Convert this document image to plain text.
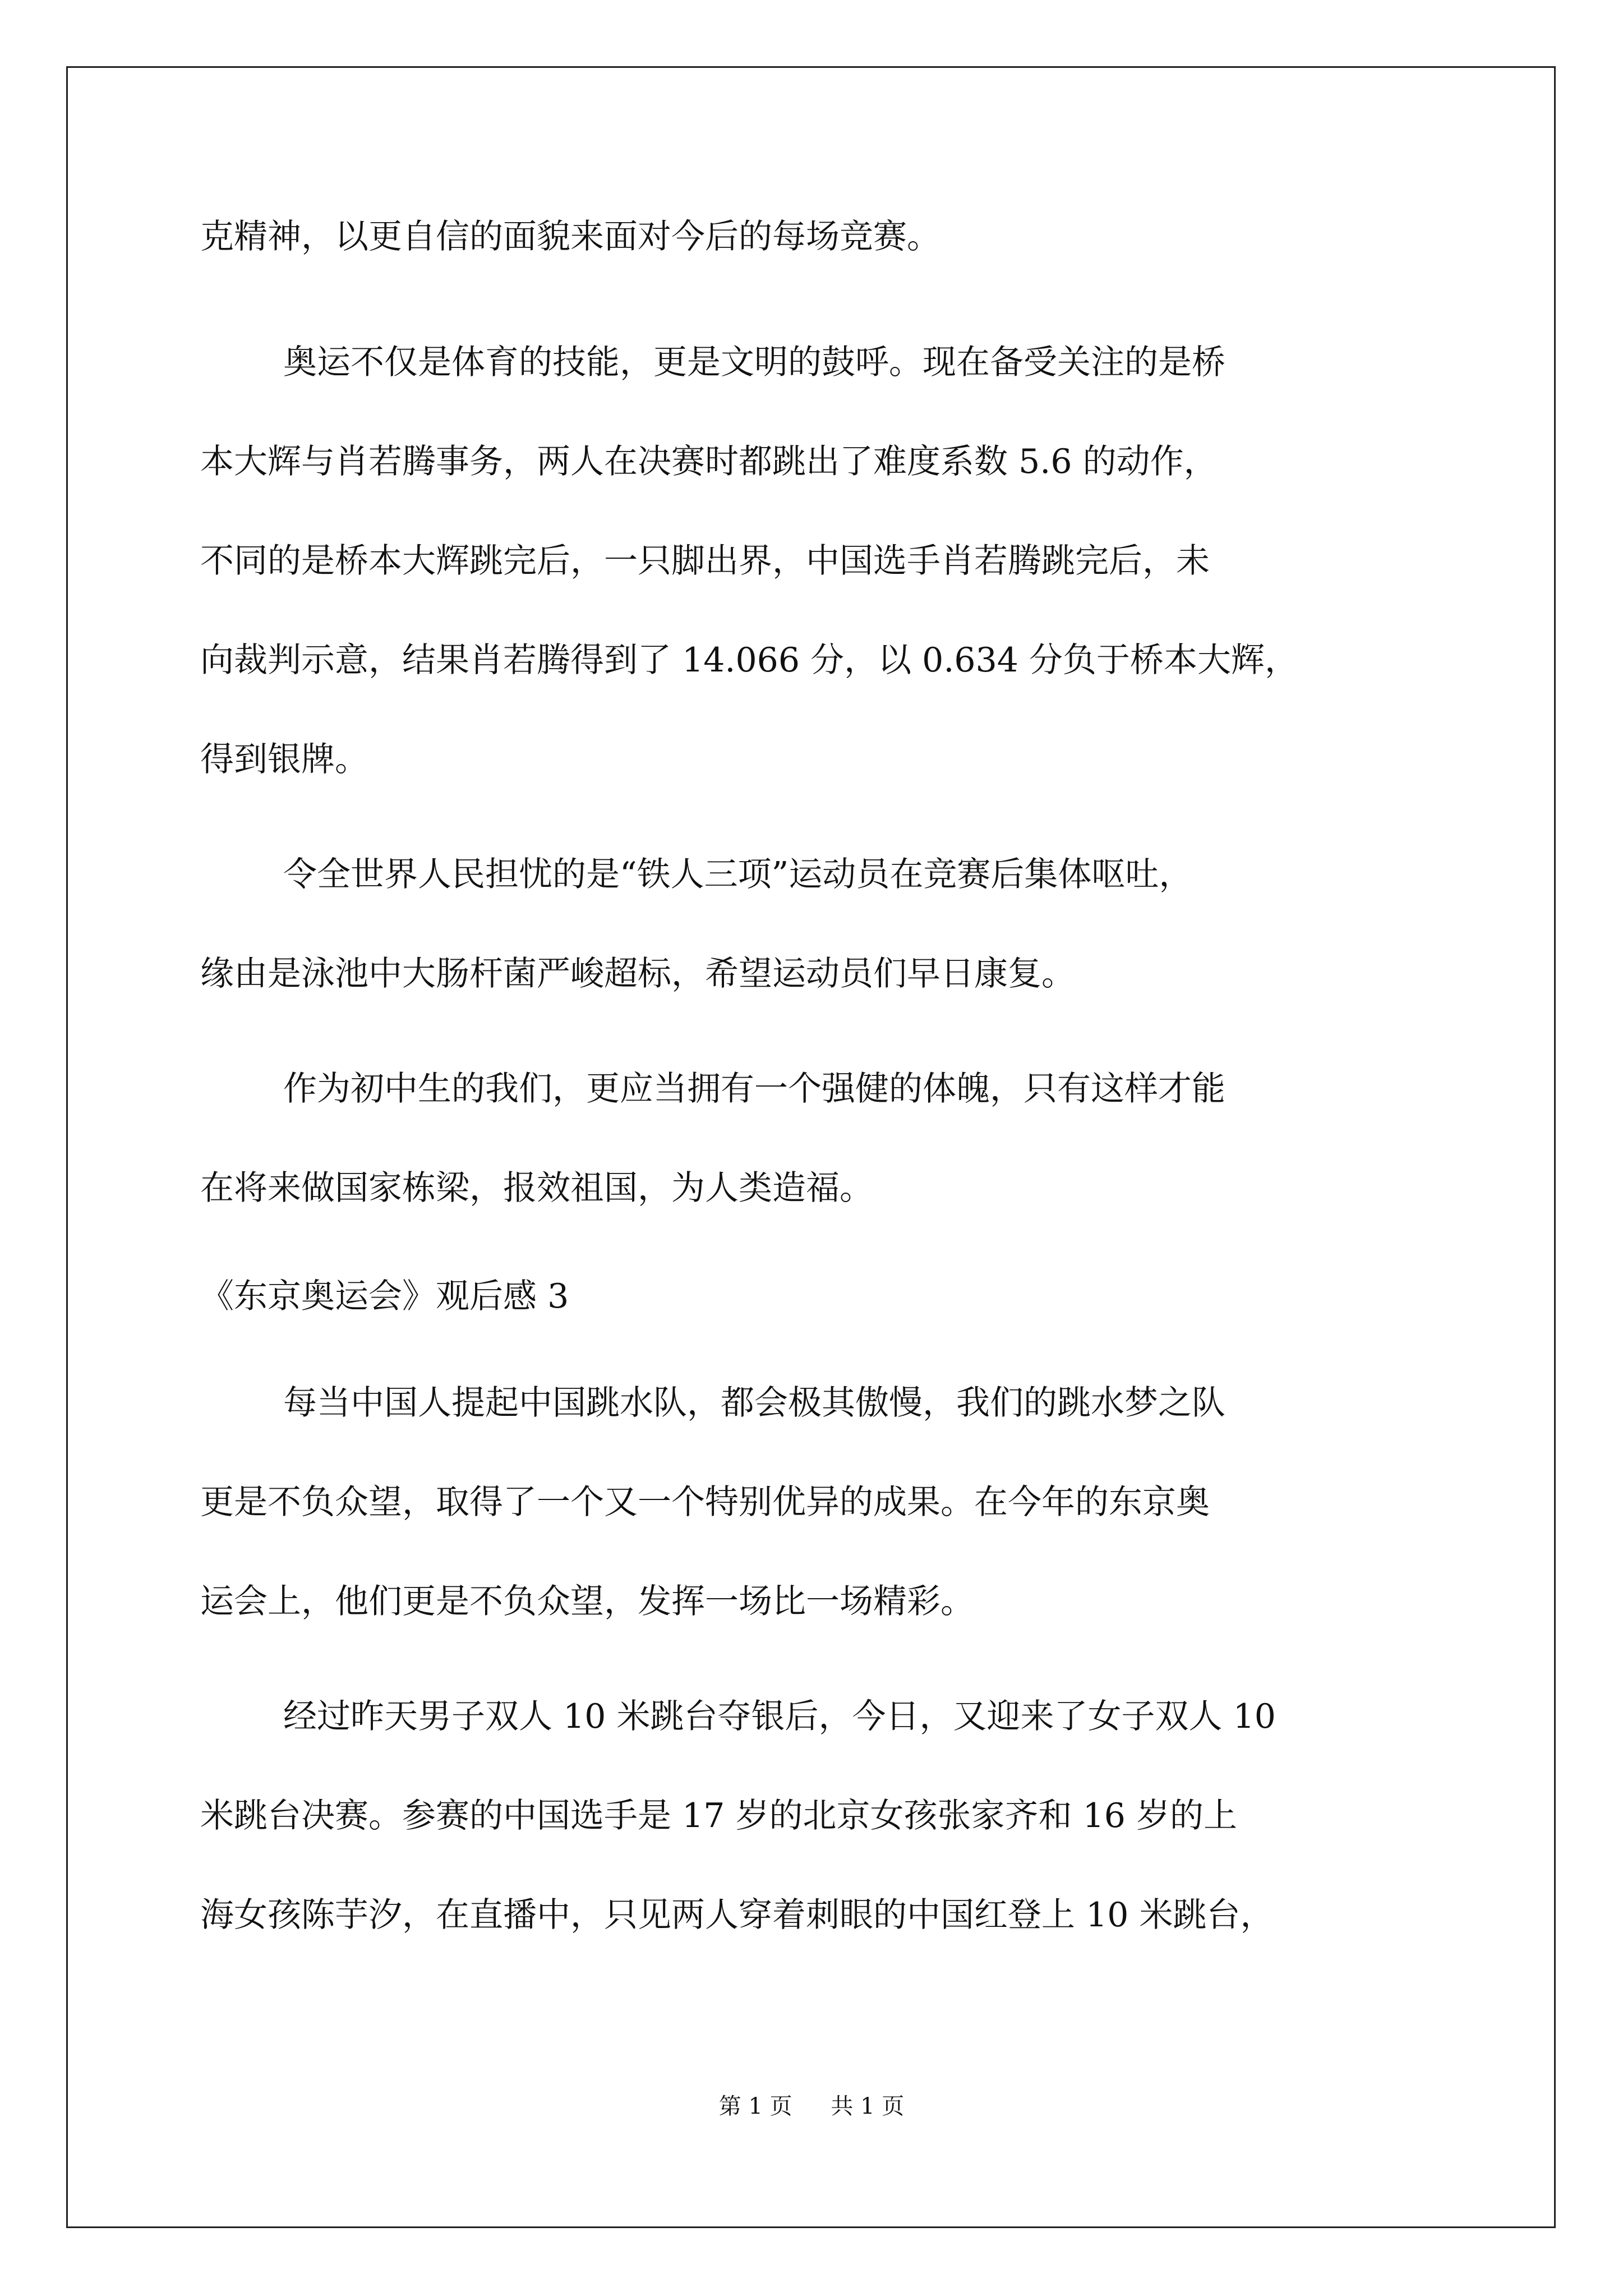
克精神，以更自信的面貌来面对今后的每场竞赛。

奥运不仅是体育的技能，更是文明的鼓呼。现在备受关注的是桥

本大辉与肖若腾事务，两人在决赛时都跳出了难度系数 5.6 的动作，

不同的是桥本大辉跳完后，一只脚出界，中国选手肖若腾跳完后，未

向裁判示意，结果肖若腾得到了 14.066 分，以 0.634 分负于桥本大辉，

得到银牌。

令全世界人民担忧的是“铁人三项”运动员在竞赛后集体呕吐，

缘由是泳池中大肠杆菌严峻超标，希望运动员们早日康复。

作为初中生的我们，更应当拥有一个强健的体魄，只有这样才能

在将来做国家栋梁，报效祖国，为人类造福。

《东京奥运会》观后感 3

每当中国人提起中国跳水队，都会极其傲慢，我们的跳水梦之队

更是不负众望，取得了一个又一个特别优异的成果。在今年的东京奥

运会上，他们更是不负众望，发挥一场比一场精彩。

经过昨天男子双人 10 米跳台夺银后，今日，又迎来了女子双人 10

米跳台决赛。参赛的中国选手是 17 岁的北京女孩张家齐和 16 岁的上

海女孩陈芋汐，在直播中，只见两人穿着刺眼的中国红登上 10 米跳台，

第 1 页 共 1 页
